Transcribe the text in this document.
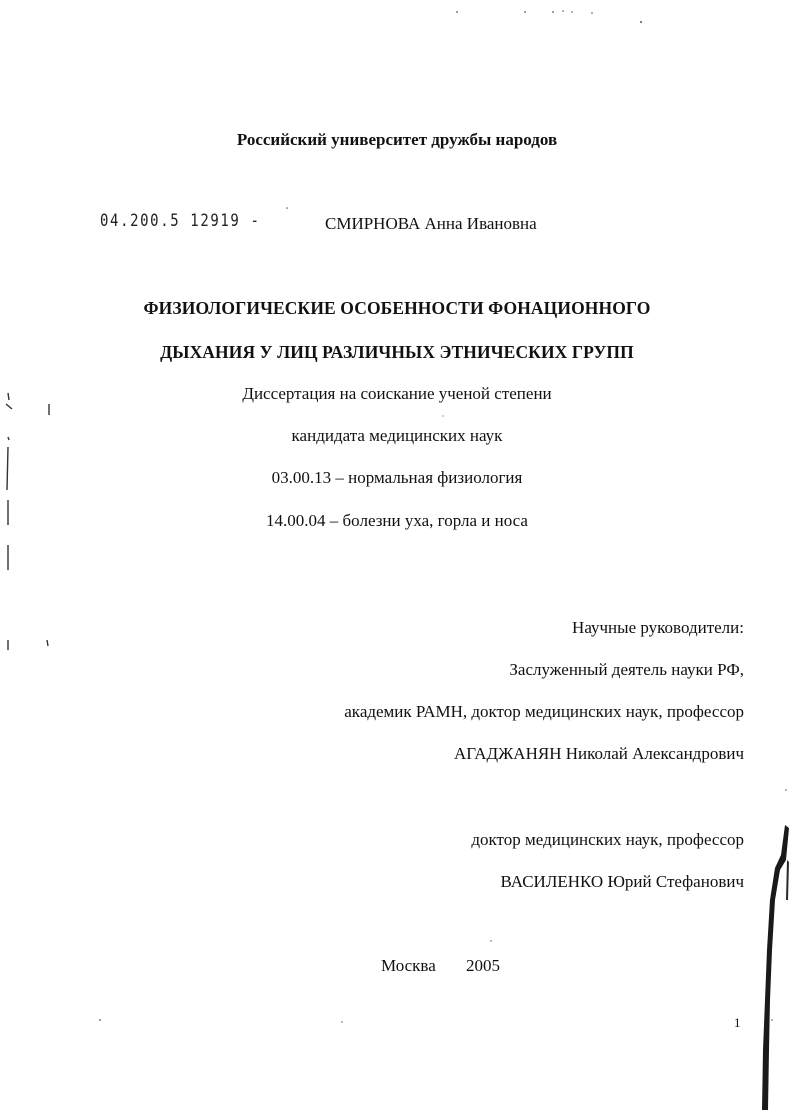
Российский университет дружбы народов
04.200.5 12919 -	СМИРНОВА Анна Ивановна
ФИЗИОЛОГИЧЕСКИЕ ОСОБЕННОСТИ ФОНАЦИОННОГО
ДЫХАНИЯ У ЛИЦ РАЗЛИЧНЫХ ЭТНИЧЕСКИХ ГРУПП
Диссертация на соискание ученой степени
кандидата медицинских наук
03.00.13 – нормальная физиология
14.00.04 – болезни уха, горла и носа
Научные руководители:
Заслуженный деятель науки РФ,
академик РАМН, доктор медицинских наук, профессор
АГАДЖАНЯН Николай Александрович
доктор медицинских наук, профессор
ВАСИЛЕНКО Юрий Стефанович
Москва 2005
1
